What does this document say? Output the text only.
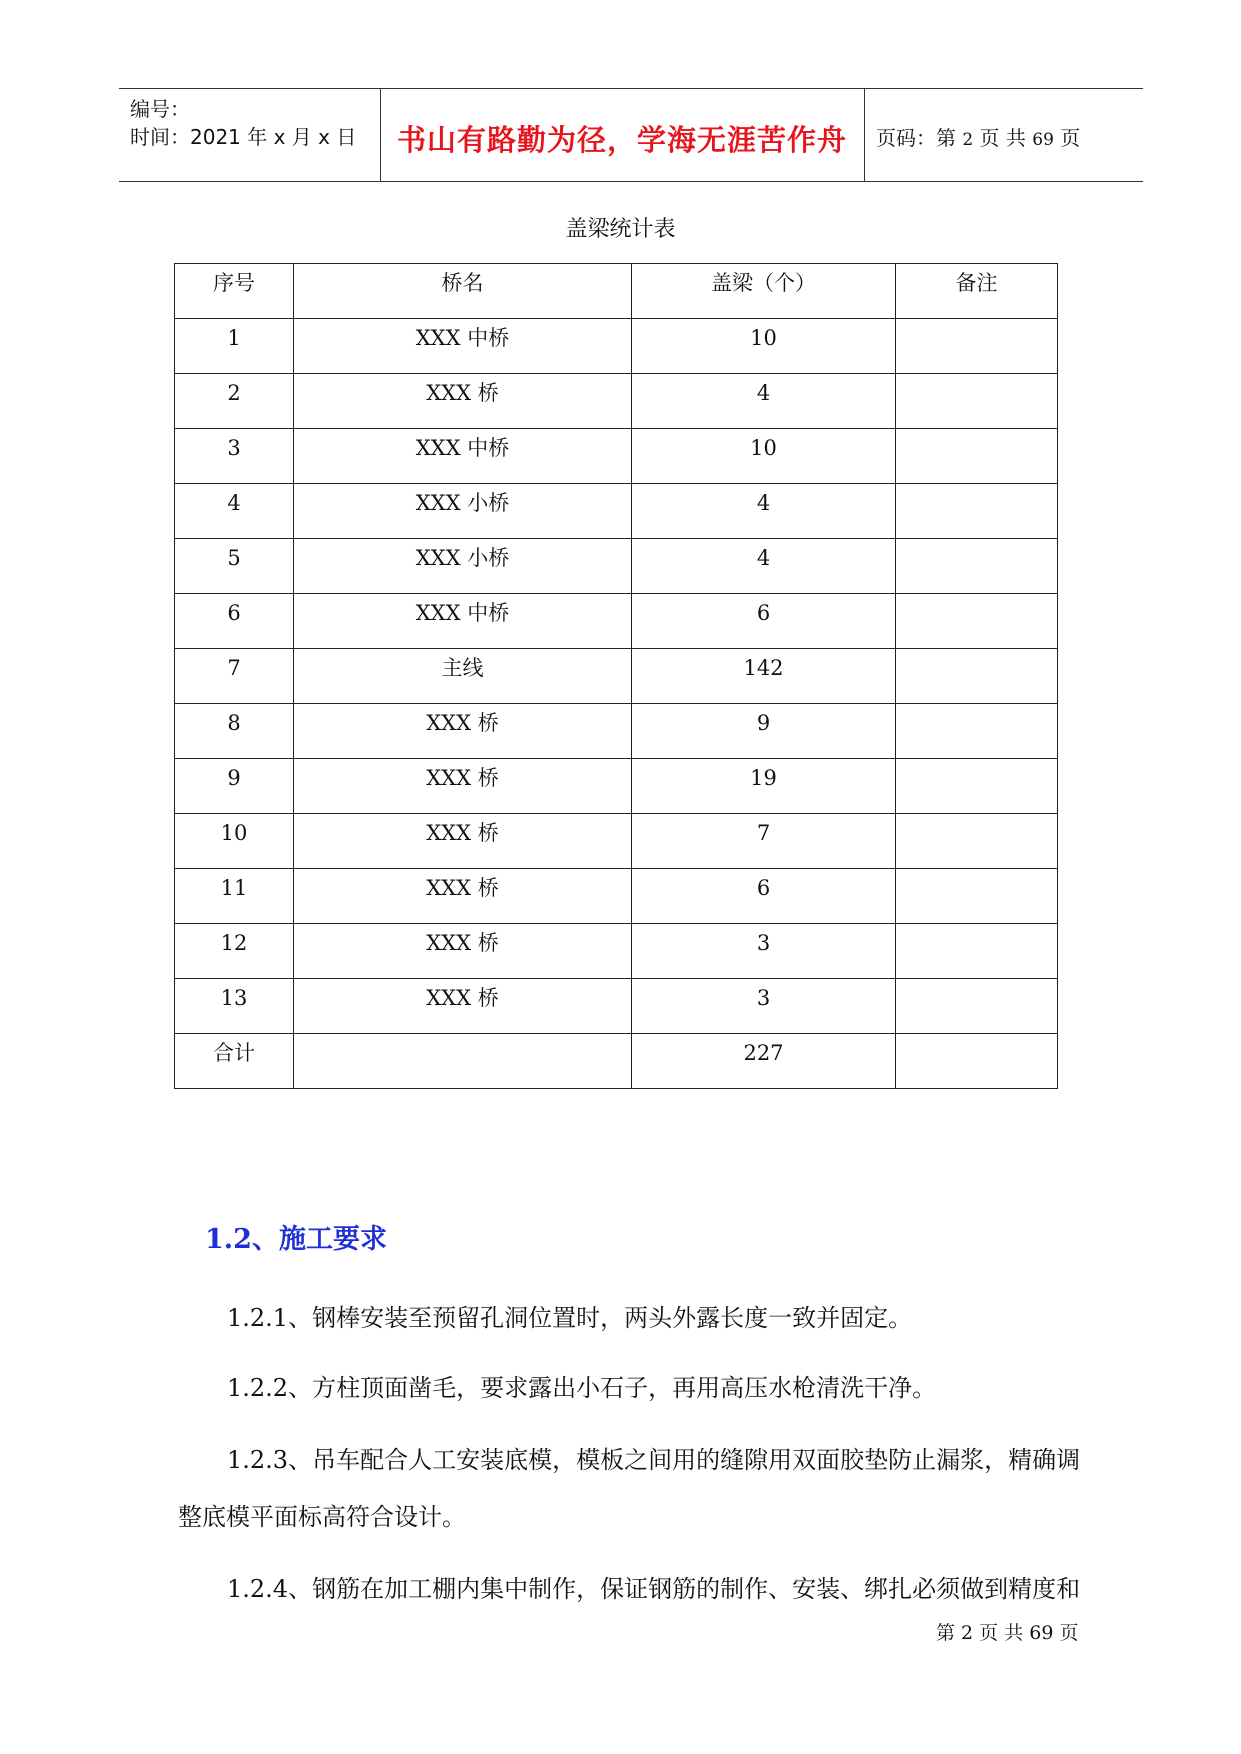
编号：
时间：2021 年 x 月 x 日	书山有路勤为径，学海无涯苦作舟	页码：第 2 页 共 69 页
盖梁统计表
序号	桥名	盖梁（个）	备注
1	XXX 中桥	10	
2	XXX 桥	4	
3	XXX 中桥	10	
4	XXX 小桥	4	
5	XXX 小桥	4	
6	XXX 中桥	6	
7	主线	142	
8	XXX 桥	9	
9	XXX 桥	19	
10	XXX 桥	7	
11	XXX 桥	6	
12	XXX 桥	3	
13	XXX 桥	3	
合计		227	
1.2、施工要求
1.2.1、钢棒安装至预留孔洞位置时，两头外露长度一致并固定。
1.2.2、方柱顶面凿毛，要求露出小石子，再用高压水枪清洗干净。
1.2.3、吊车配合人工安装底模，模板之间用的缝隙用双面胶垫防止漏浆，精确调
整底模平面标高符合设计。
1.2.4、钢筋在加工棚内集中制作，保证钢筋的制作、安装、绑扎必须做到精度和
第 2 页 共 69 页
